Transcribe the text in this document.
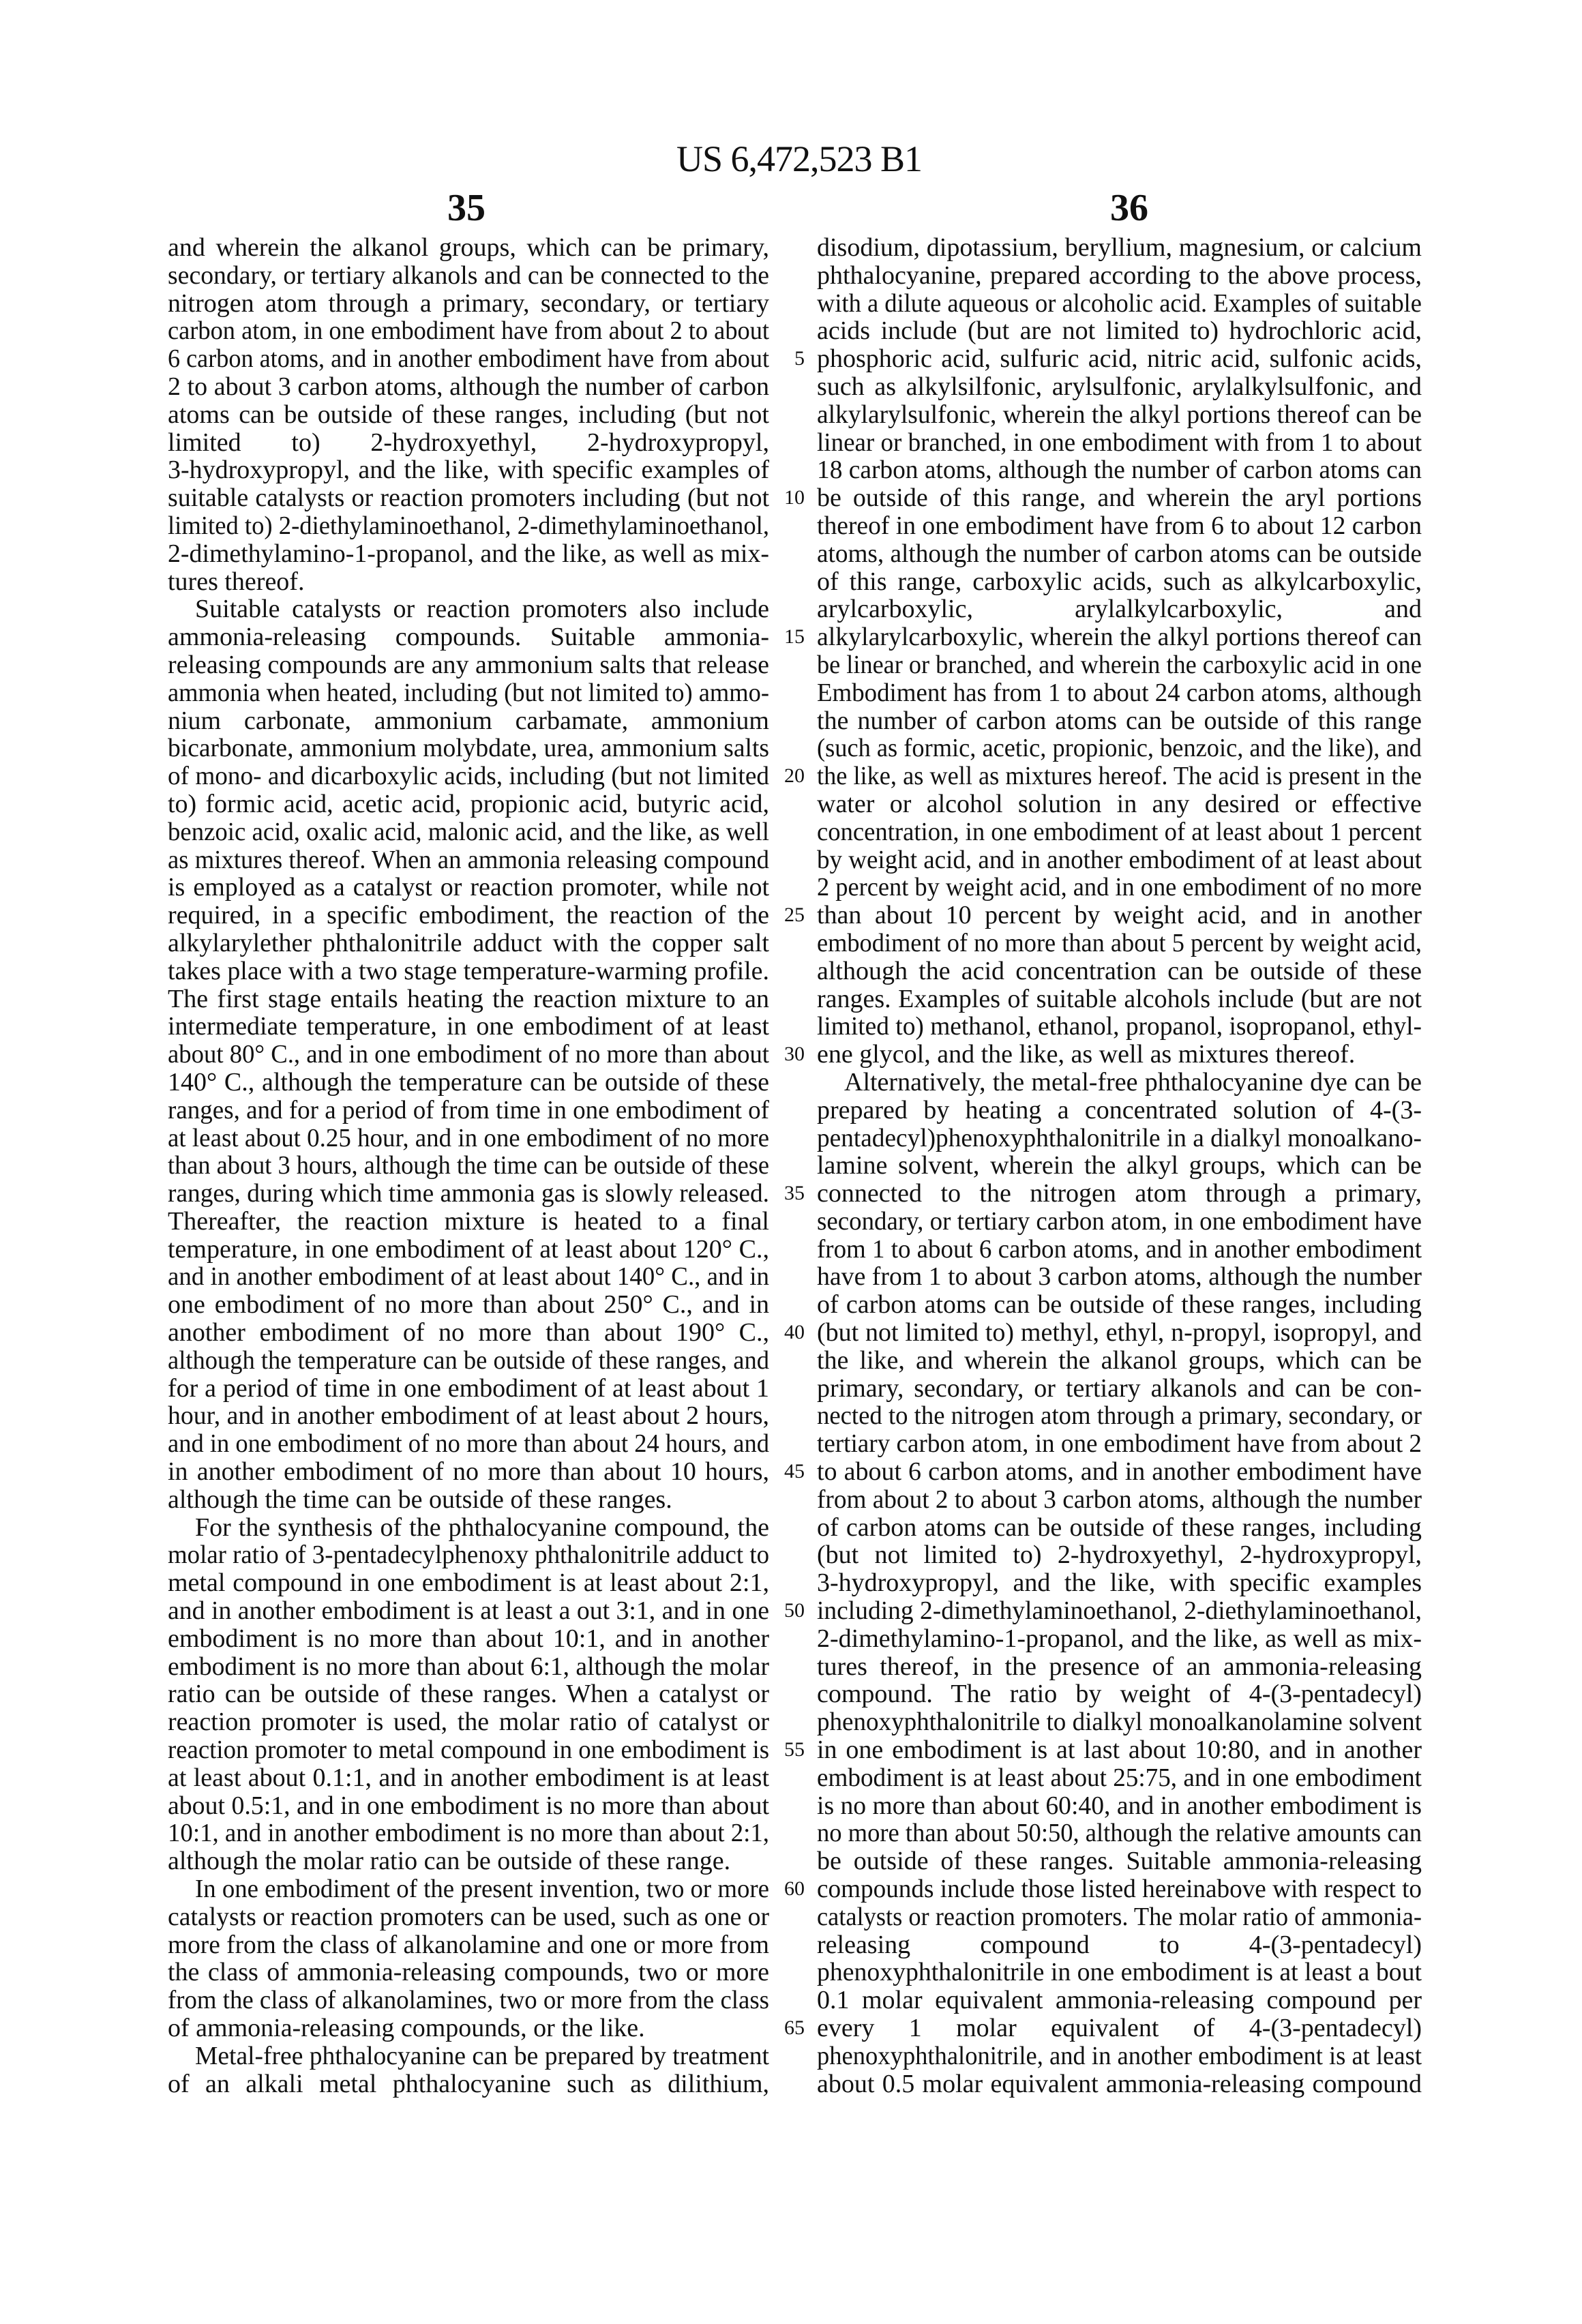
US 6,472,523 B1
35	36
and wherein the alkanol groups, which can be primary,
secondary, or tertiary alkanols and can be connected to the
nitrogen atom through a primary, secondary, or tertiary
carbon atom, in one embodiment have from about 2 to about
6 carbon atoms, and in another embodiment have from about
2 to about 3 carbon atoms, although the number of carbon
atoms can be outside of these ranges, including (but not
limited to) 2-hydroxyethyl, 2-hydroxypropyl,
3-hydroxypropyl, and the like, with specific examples of
suitable catalysts or reaction promoters including (but not
limited to) 2-diethylaminoethanol, 2-dimethylaminoethanol,
2-dimethylamino-1-propanol, and the like, as well as mix-
tures thereof.
Suitable catalysts or reaction promoters also include
ammonia-releasing compounds. Suitable ammonia-
releasing compounds are any ammonium salts that release
ammonia when heated, including (but not limited to) ammo-
nium carbonate, ammonium carbamate, ammonium
bicarbonate, ammonium molybdate, urea, ammonium salts
of mono- and dicarboxylic acids, including (but not limited
to) formic acid, acetic acid, propionic acid, butyric acid,
benzoic acid, oxalic acid, malonic acid, and the like, as well
as mixtures thereof. When an ammonia releasing compound
is employed as a catalyst or reaction promoter, while not
required, in a specific embodiment, the reaction of the
alkylarylether phthalonitrile adduct with the copper salt
takes place with a two stage temperature-warming profile.
The first stage entails heating the reaction mixture to an
intermediate temperature, in one embodiment of at least
about 80° C., and in one embodiment of no more than about
140° C., although the temperature can be outside of these
ranges, and for a period of from time in one embodiment of
at least about 0.25 hour, and in one embodiment of no more
than about 3 hours, although the time can be outside of these
ranges, during which time ammonia gas is slowly released.
Thereafter, the reaction mixture is heated to a final
temperature, in one embodiment of at least about 120° C.,
and in another embodiment of at least about 140° C., and in
one embodiment of no more than about 250° C., and in
another embodiment of no more than about 190° C.,
although the temperature can be outside of these ranges, and
for a period of time in one embodiment of at least about 1
hour, and in another embodiment of at least about 2 hours,
and in one embodiment of no more than about 24 hours, and
in another embodiment of no more than about 10 hours,
although the time can be outside of these ranges.
For the synthesis of the phthalocyanine compound, the
molar ratio of 3-pentadecylphenoxy phthalonitrile adduct to
metal compound in one embodiment is at least about 2:1,
and in another embodiment is at least a out 3:1, and in one
embodiment is no more than about 10:1, and in another
embodiment is no more than about 6:1, although the molar
ratio can be outside of these ranges. When a catalyst or
reaction promoter is used, the molar ratio of catalyst or
reaction promoter to metal compound in one embodiment is
at least about 0.1:1, and in another embodiment is at least
about 0.5:1, and in one embodiment is no more than about
10:1, and in another embodiment is no more than about 2:1,
although the molar ratio can be outside of these range.
In one embodiment of the present invention, two or more
catalysts or reaction promoters can be used, such as one or
more from the class of alkanolamine and one or more from
the class of ammonia-releasing compounds, two or more
from the class of alkanolamines, two or more from the class
of ammonia-releasing compounds, or the like.
Metal-free phthalocyanine can be prepared by treatment
of an alkali metal phthalocyanine such as dilithium,
disodium, dipotassium, beryllium, magnesium, or calcium
phthalocyanine, prepared according to the above process,
with a dilute aqueous or alcoholic acid. Examples of suitable
acids include (but are not limited to) hydrochloric acid,
phosphoric acid, sulfuric acid, nitric acid, sulfonic acids,
such as alkylsilfonic, arylsulfonic, arylalkylsulfonic, and
alkylarylsulfonic, wherein the alkyl portions thereof can be
linear or branched, in one embodiment with from 1 to about
18 carbon atoms, although the number of carbon atoms can
be outside of this range, and wherein the aryl portions
thereof in one embodiment have from 6 to about 12 carbon
atoms, although the number of carbon atoms can be outside
of this range, carboxylic acids, such as alkylcarboxylic,
arylcarboxylic, arylalkylcarboxylic, and
alkylarylcarboxylic, wherein the alkyl portions thereof can
be linear or branched, and wherein the carboxylic acid in one
Embodiment has from 1 to about 24 carbon atoms, although
the number of carbon atoms can be outside of this range
(such as formic, acetic, propionic, benzoic, and the like), and
the like, as well as mixtures hereof. The acid is present in the
water or alcohol solution in any desired or effective
concentration, in one embodiment of at least about 1 percent
by weight acid, and in another embodiment of at least about
2 percent by weight acid, and in one embodiment of no more
than about 10 percent by weight acid, and in another
embodiment of no more than about 5 percent by weight acid,
although the acid concentration can be outside of these
ranges. Examples of suitable alcohols include (but are not
limited to) methanol, ethanol, propanol, isopropanol, ethyl-
ene glycol, and the like, as well as mixtures thereof.
Alternatively, the metal-free phthalocyanine dye can be
prepared by heating a concentrated solution of 4-(3-
pentadecyl)phenoxyphthalonitrile in a dialkyl monoalkano-
lamine solvent, wherein the alkyl groups, which can be
connected to the nitrogen atom through a primary,
secondary, or tertiary carbon atom, in one embodiment have
from 1 to about 6 carbon atoms, and in another embodiment
have from 1 to about 3 carbon atoms, although the number
of carbon atoms can be outside of these ranges, including
(but not limited to) methyl, ethyl, n-propyl, isopropyl, and
the like, and wherein the alkanol groups, which can be
primary, secondary, or tertiary alkanols and can be con-
nected to the nitrogen atom through a primary, secondary, or
tertiary carbon atom, in one embodiment have from about 2
to about 6 carbon atoms, and in another embodiment have
from about 2 to about 3 carbon atoms, although the number
of carbon atoms can be outside of these ranges, including
(but not limited to) 2-hydroxyethyl, 2-hydroxypropyl,
3-hydroxypropyl, and the like, with specific examples
including 2-dimethylaminoethanol, 2-diethylaminoethanol,
2-dimethylamino-1-propanol, and the like, as well as mix-
tures thereof, in the presence of an ammonia-releasing
compound. The ratio by weight of 4-(3-pentadecyl)
phenoxyphthalonitrile to dialkyl monoalkanolamine solvent
in one embodiment is at last about 10:80, and in another
embodiment is at least about 25:75, and in one embodiment
is no more than about 60:40, and in another embodiment is
no more than about 50:50, although the relative amounts can
be outside of these ranges. Suitable ammonia-releasing
compounds include those listed hereinabove with respect to
catalysts or reaction promoters. The molar ratio of ammonia-
releasing compound to 4-(3-pentadecyl)
phenoxyphthalonitrile in one embodiment is at least a bout
0.1 molar equivalent ammonia-releasing compound per
every 1 molar equivalent of 4-(3-pentadecyl)
phenoxyphthalonitrile, and in another embodiment is at least
about 0.5 molar equivalent ammonia-releasing compound
5
10
15
20
25
30
35
40
45
50
55
60
65
